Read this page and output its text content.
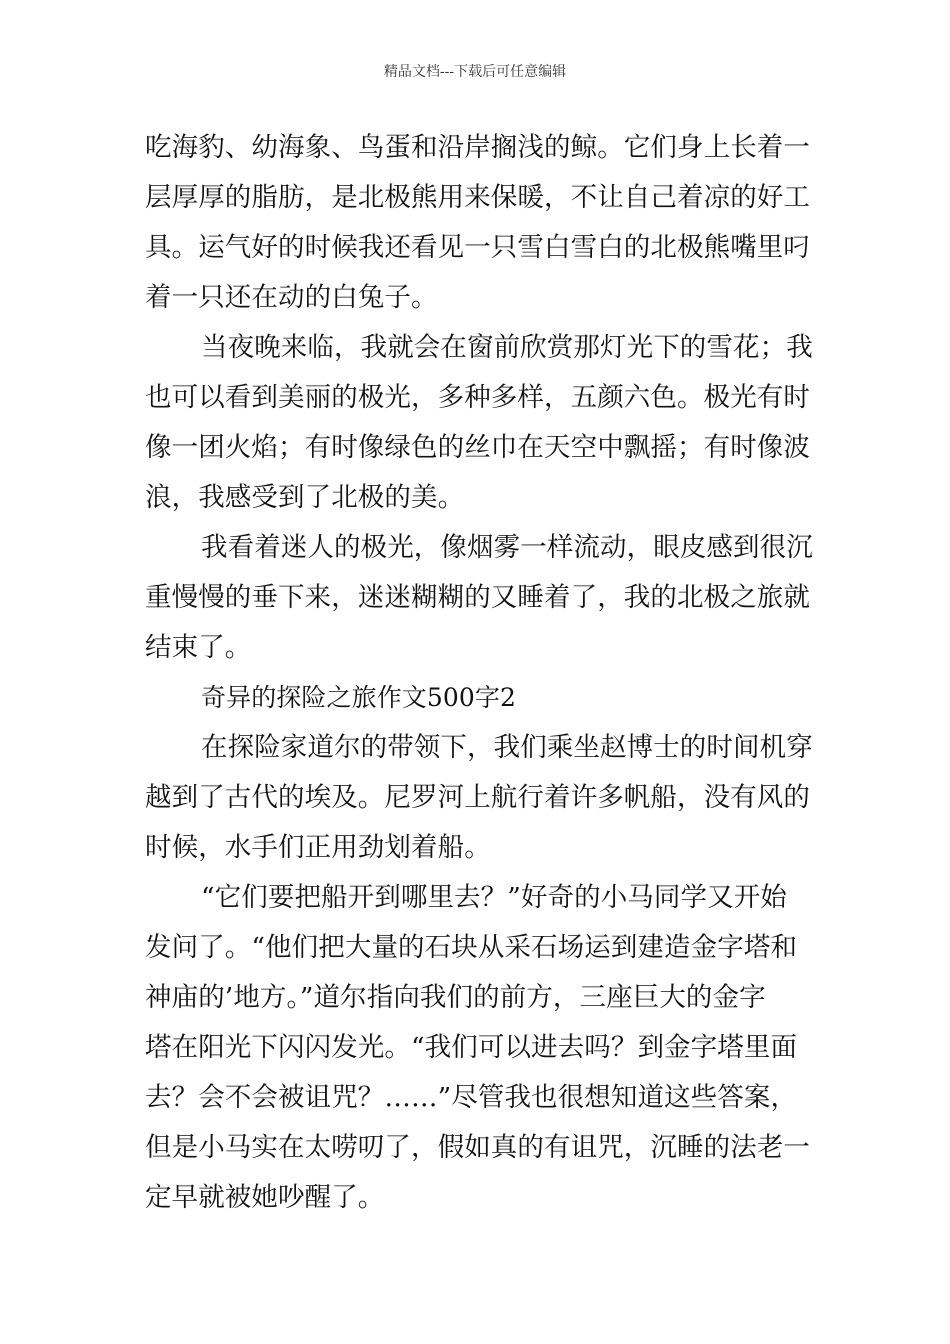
精品文档---下载后可任意编辑

吃海豹、幼海象、鸟蛋和沿岸搁浅的鲸。它们身上长着一
层厚厚的脂肪，是北极熊用来保暖，不让自己着凉的好工
具。运气好的时候我还看见一只雪白雪白的北极熊嘴里叼
着一只还在动的白兔子。

当夜晚来临，我就会在窗前欣赏那灯光下的雪花；我
也可以看到美丽的极光，多种多样，五颜六色。极光有时
像一团火焰；有时像绿色的丝巾在天空中飘摇；有时像波
浪，我感受到了北极的美。

我看着迷人的极光，像烟雾一样流动，眼皮感到很沉
重慢慢的垂下来，迷迷糊糊的又睡着了，我的北极之旅就
结束了。

奇异的探险之旅作文500字2

在探险家道尔的带领下，我们乘坐赵博士的时间机穿
越到了古代的埃及。尼罗河上航行着许多帆船，没有风的
时候，水手们正用劲划着船。

“它们要把船开到哪里去？”好奇的小马同学又开始
发问了。“他们把大量的石块从采石场运到建造金字塔和
神庙的’地方。”道尔指向我们的前方，三座巨大的金字
塔在阳光下闪闪发光。“我们可以进去吗？到金字塔里面
去？会不会被诅咒？……”尽管我也很想知道这些答案，
但是小马实在太唠叨了，假如真的有诅咒，沉睡的法老一
定早就被她吵醒了。
